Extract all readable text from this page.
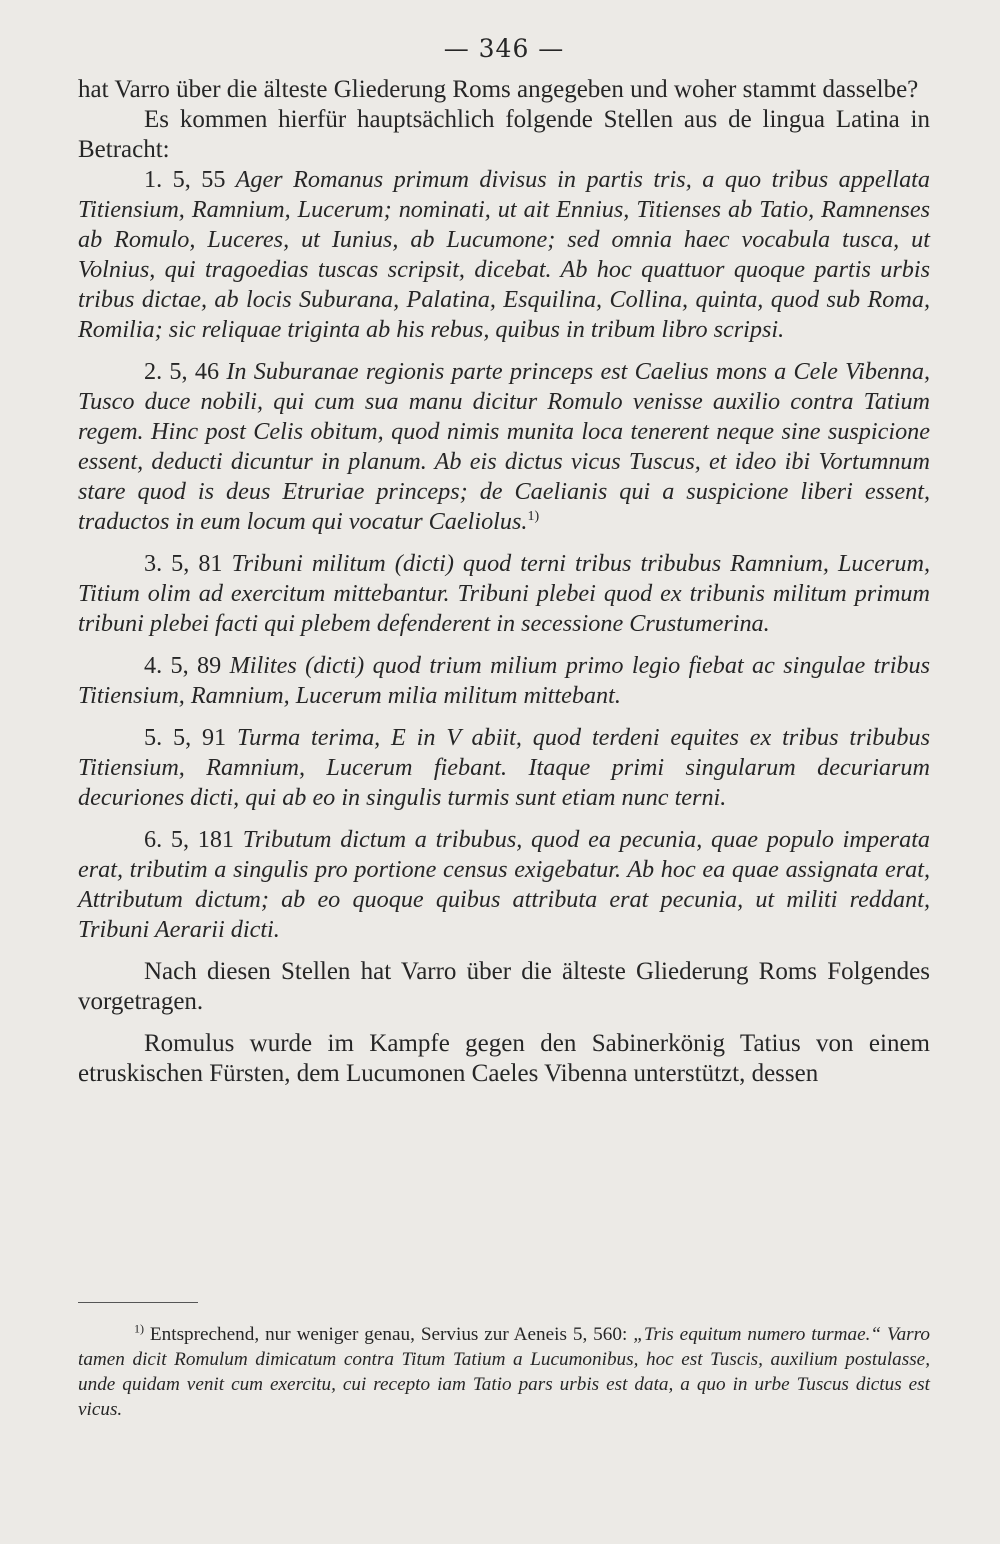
— 346 —

hat Varro über die älteste Gliederung Roms angegeben und woher stammt dasselbe?

Es kommen hierfür hauptsächlich folgende Stellen aus de lingua Latina in Betracht:

1. 5, 55 Ager Romanus primum divisus in partis tris, a quo tribus appellata Titiensium, Ramnium, Lucerum; nominati, ut ait Ennius, Titienses ab Tatio, Ramnenses ab Romulo, Luceres, ut Iunius, ab Lucumone; sed omnia haec vocabula tusca, ut Volnius, qui tragoedias tuscas scripsit, dicebat. Ab hoc quattuor quoque partis urbis tribus dictae, ab locis Suburana, Palatina, Esquilina, Collina, quinta, quod sub Roma, Romilia; sic reliquae triginta ab his rebus, quibus in tribum libro scripsi.

2. 5, 46 In Suburanae regionis parte princeps est Caelius mons a Cele Vibenna, Tusco duce nobili, qui cum sua manu dicitur Romulo venisse auxilio contra Tatium regem. Hinc post Celis obitum, quod nimis munita loca tenerent neque sine suspicione essent, deducti dicuntur in planum. Ab eis dictus vicus Tuscus, et ideo ibi Vortumnum stare quod is deus Etruriae princeps; de Caelianis qui a suspicione liberi essent, traductos in eum locum qui vocatur Caeliolus.$^{1)}$

3. 5, 81 Tribuni militum (dicti) quod terni tribus tribubus Ramnium, Lucerum, Titium olim ad exercitum mittebantur. Tribuni plebei quod ex tribunis militum primum tribuni plebei facti qui plebem defenderent in secessione Crustumerina.

4. 5, 89 Milites (dicti) quod trium milium primo legio fiebat ac singulae tribus Titiensium, Ramnium, Lucerum milia militum mittebant.

5. 5, 91 Turma terima, E in V abiit, quod terdeni equites ex tribus tribubus Titiensium, Ramnium, Lucerum fiebant. Itaque primi singularum decuriarum decuriones dicti, qui ab eo in singulis turmis sunt etiam nunc terni.

6. 5, 181 Tributum dictum a tribubus, quod ea pecunia, quae populo imperata erat, tributim a singulis pro portione census exigebatur. Ab hoc ea quae assignata erat, Attributum dictum; ab eo quoque quibus attributa erat pecunia, ut militi reddant, Tribuni Aerarii dicti.

Nach diesen Stellen hat Varro über die älteste Gliederung Roms Folgendes vorgetragen.

Romulus wurde im Kampfe gegen den Sabinerkönig Tatius von einem etruskischen Fürsten, dem Lucumonen Caeles Vibenna unterstützt, dessen

$^{1)}$ Entsprechend, nur weniger genau, Servius zur Aeneis 5, 560: „Tris equitum numero turmae.“ Varro tamen dicit Romulum dimicatum contra Titum Tatium a Lucumonibus, hoc est Tuscis, auxilium postulasse, unde quidam venit cum exercitu, cui recepto iam Tatio pars urbis est data, a quo in urbe Tuscus dictus est vicus.
